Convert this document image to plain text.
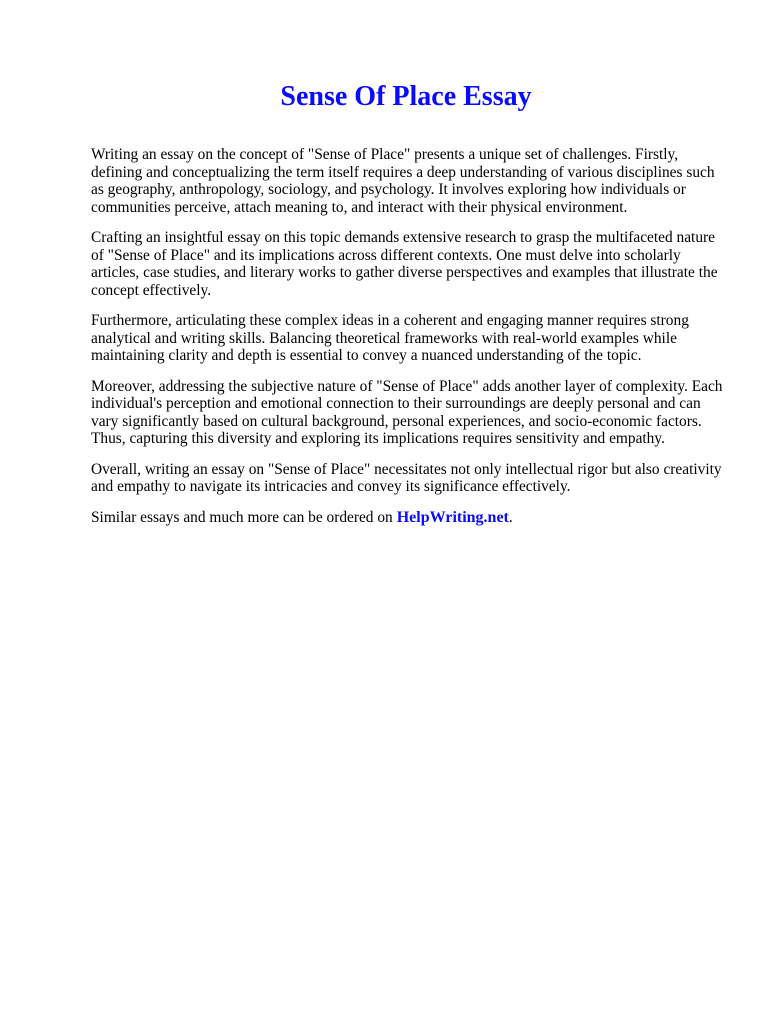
Sense Of Place Essay

Writing an essay on the concept of "Sense of Place" presents a unique set of challenges. Firstly, defining and conceptualizing the term itself requires a deep understanding of various disciplines such as geography, anthropology, sociology, and psychology. It involves exploring how individuals or communities perceive, attach meaning to, and interact with their physical environment.

Crafting an insightful essay on this topic demands extensive research to grasp the multifaceted nature of "Sense of Place" and its implications across different contexts. One must delve into scholarly articles, case studies, and literary works to gather diverse perspectives and examples that illustrate the concept effectively.

Furthermore, articulating these complex ideas in a coherent and engaging manner requires strong analytical and writing skills. Balancing theoretical frameworks with real-world examples while maintaining clarity and depth is essential to convey a nuanced understanding of the topic.

Moreover, addressing the subjective nature of "Sense of Place" adds another layer of complexity. Each individual's perception and emotional connection to their surroundings are deeply personal and can vary significantly based on cultural background, personal experiences, and socio-economic factors. Thus, capturing this diversity and exploring its implications requires sensitivity and empathy.

Overall, writing an essay on "Sense of Place" necessitates not only intellectual rigor but also creativity and empathy to navigate its intricacies and convey its significance effectively.

Similar essays and much more can be ordered on HelpWriting.net.
